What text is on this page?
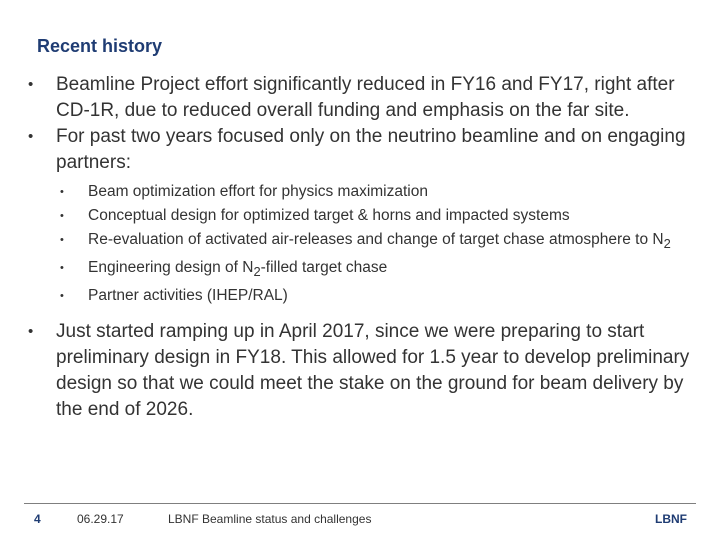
Recent history
• Beamline Project effort significantly reduced in FY16 and FY17, right after CD-1R, due to reduced overall funding and emphasis on the far site.
• For past two years focused only on the neutrino beamline and on engaging partners:
• Beam optimization effort for physics maximization
• Conceptual design for optimized target & horns and impacted systems
• Re-evaluation of activated air-releases and change of target chase atmosphere to $N_2$
• Engineering design of $N_2$-filled target chase
• Partner activities (IHEP/RAL)
• Just started ramping up in April 2017, since we were preparing to start preliminary design in FY18. This allowed for 1.5 year to develop preliminary design so that we could meet the stake on the ground for beam delivery by the end of 2026.
4	06.29.17	LBNF Beamline status and challenges	LBNF
